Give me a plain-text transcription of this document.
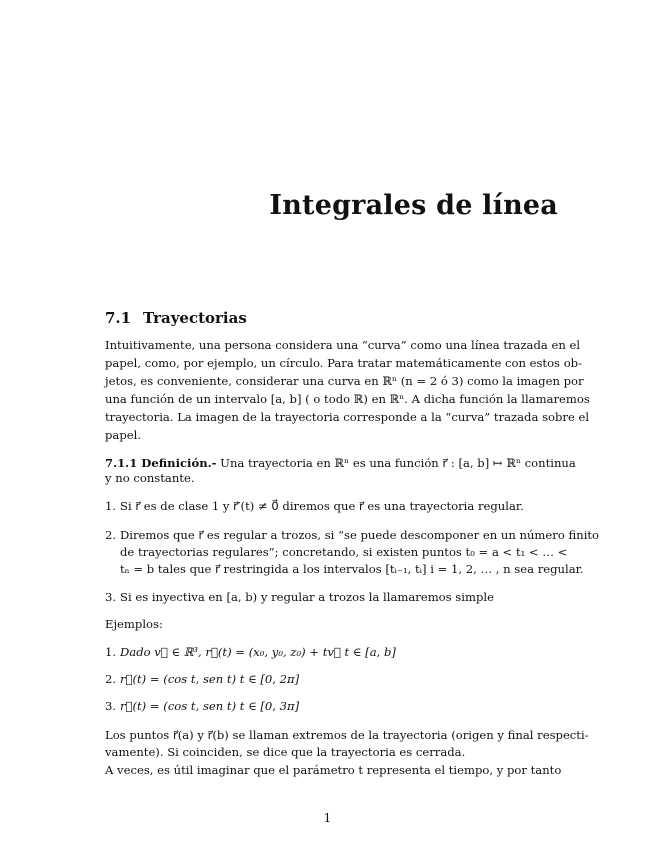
Integrales de línea
7.1 Trayectorias
Intuitivamente, una persona considera una “curva” como una línea trazada en el
papel, como, por ejemplo, un círculo. Para tratar matemáticamente con estos ob-
jetos, es conveniente, considerar una curva en ℝⁿ (n = 2 ó 3) como la imagen por
una función de un intervalo [a, b] ( o todo ℝ) en ℝⁿ. A dicha función la llamaremos
trayectoria. La imagen de la trayectoria corresponde a la “curva” trazada sobre el
papel.
7.1.1 Definición.- Una trayectoria en ℝⁿ es una función r⃗ : [a, b] ↦ ℝⁿ continua
y no constante.
1. Si r⃗ es de clase 1 y r⃗′(t) ≠ 0⃗ diremos que r⃗ es una trayectoria regular.
2. Diremos que r⃗ es regular a trozos, si “se puede descomponer en un número finito
de trayectorias regulares”; concretando, si existen puntos t₀ = a < t₁ < … <
tₙ = b tales que r⃗ restringida a los intervalos [tᵢ₋₁, tᵢ] i = 1, 2, … , n sea regular.
3. Si es inyectiva en [a, b) y regular a trozos la llamaremos simple
Ejemplos:
1. Dado v⃗ ∈ ℝ³, r⃗(t) = (x₀, y₀, z₀) + tv⃗ t ∈ [a, b]
2. r⃗(t) = (cos t, sen t) t ∈ [0, 2π]
3. r⃗(t) = (cos t, sen t) t ∈ [0, 3π]
Los puntos r⃗(a) y r⃗(b) se llaman extremos de la trayectoria (origen y final respecti-
vamente). Si coinciden, se dice que la trayectoria es cerrada.
A veces, es útil imaginar que el parámetro t representa el tiempo, y por tanto
1
